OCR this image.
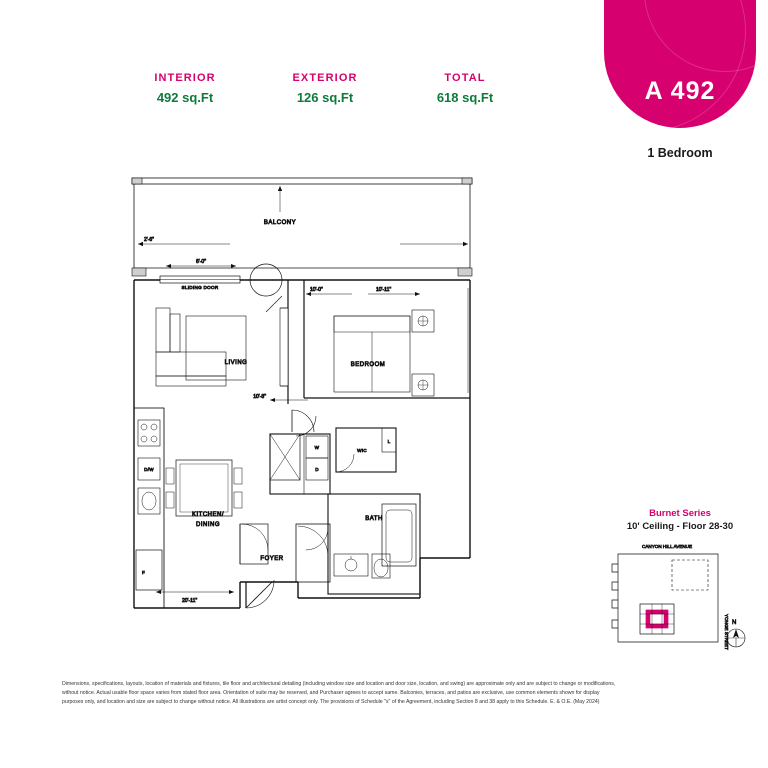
A 492
1 Bedroom
INTERIOR
492 sq.Ft
EXTERIOR
126 sq.Ft
TOTAL
618 sq.Ft
BALCONY
2'-6"
SLIDING DOOR
6'-0"
LIVING
10'-8"
BEDROOM
10'-0"	10'-11"
W
D
WIC
L
BATH
KITCHEN/
DINING
D/W
F
20'-11"
FOYER
Burnet Series
10' Ceiling - Floor 28-30
CANYON HILL AVENUE
YONGE STREET N
Dimensions, specifications, layouts, location of materials and fixtures, tile floor and architectural detailing (including window size and location and door size, location, and swing) are approximate only and are subject to change or modifications,
without notice. Actual usable floor space varies from stated floor area. Orientation of suite may be reserved, and Purchaser agrees to accept same. Balconies, terraces, and patios are exclusive, use common elements shown for display
purposes only, and location and size are subject to change without notice. All illustrations are artist concept only. The provisions of Schedule "x" of the Agreement, including Section 8 and 38 apply to this Schedule. E. & O.E. (May 2024)
